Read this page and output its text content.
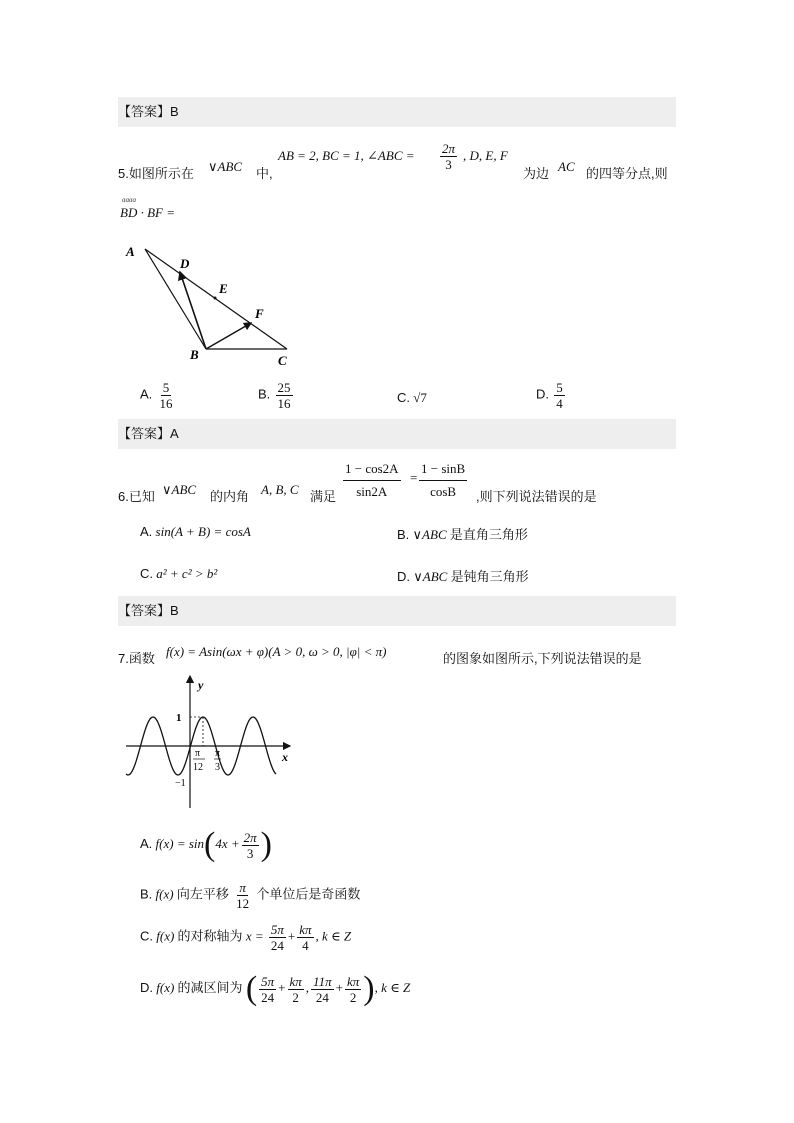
【答案】B
5.如图所示在 ∨ABC 中,
AB = 2, BC = 1, ∠ABC = $\frac{2\pi}{3}$ , D, E, F
为边 AC 的四等分点,则
ɑɑɑɑ
BD · BF =
A
D
E
F
B	C
A. $\frac{5}{16}$	B. $\frac{25}{16}$	C. √7	D. $\frac{5}{4}$
【答案】A
6.已知 ∨ABC 的内角 A, B, C 满足 $\frac{1 - \cos 2A}{\sin 2A} = \frac{1 - \sin B}{\cos B}$ ,则下列说法错误的是
A. sin(A + B) = cosA	B. ∨ABC 是直角三角形
C. a² + c² > b²	D. ∨ABC 是钝角三角形
【答案】B
7.函数 f(x) = Asin(ωx + φ)(A > 0, ω > 0, |φ| < π)	的图象如图所示,下列说法错误的是
y
x
1
−1
π
12
π
3
A. $f(x) = \sin(4x + \frac{2\pi}{3}$ )
B. f(x) 向左平移 $\frac{\pi}{12}$ 个单位后是奇函数
C. f(x) 的对称轴为 $x = \frac{5\pi}{24} + \frac{k\pi}{4}$ , k ∈ Z
D. f(x) 的减区间为 ( $\frac{5\pi}{24} + \frac{k\pi}{2}$ , $\frac{11\pi}{24} + \frac{k\pi}{2}$ ), k ∈ Z
